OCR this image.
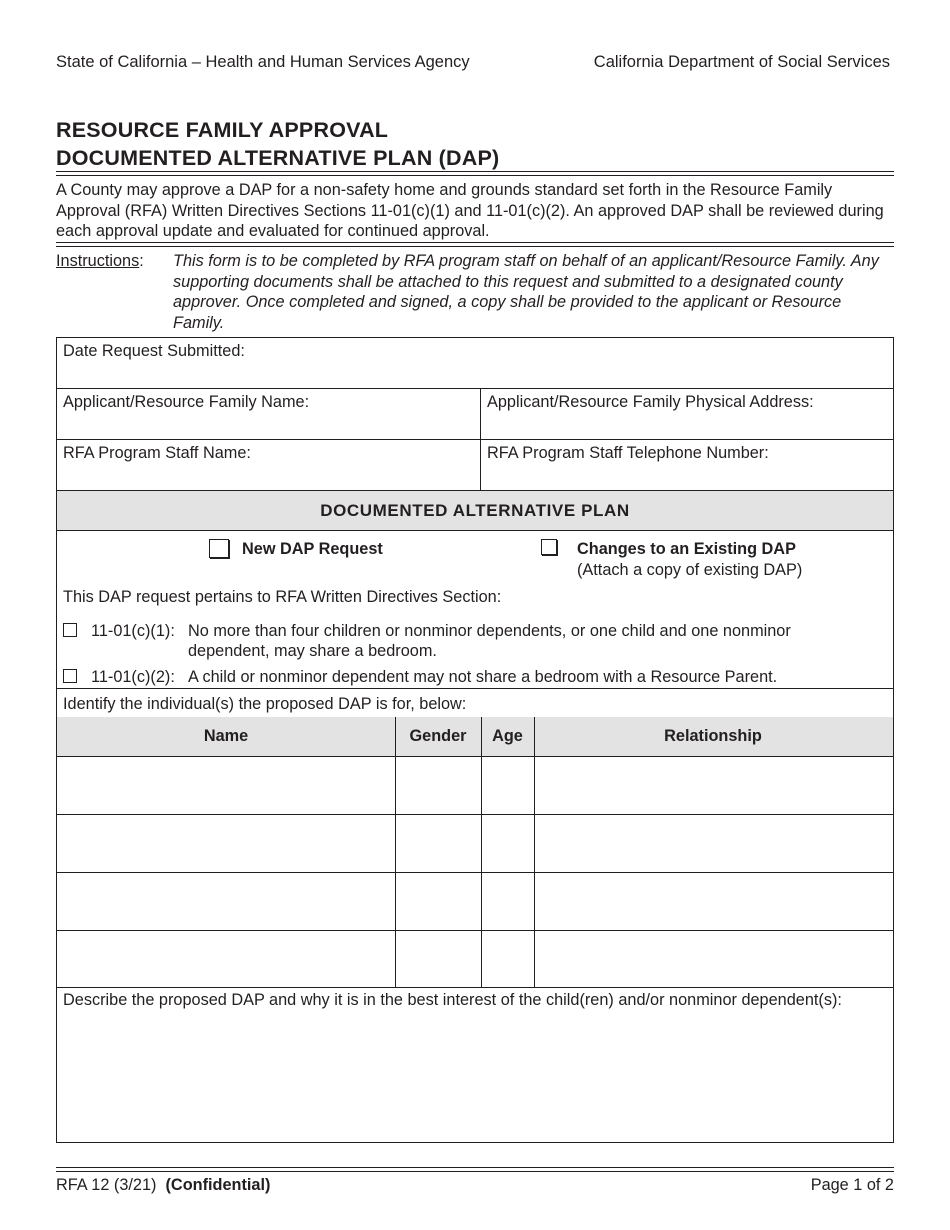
State of California – Health and Human Services Agency	California Department of Social Services
RESOURCE FAMILY APPROVAL
DOCUMENTED ALTERNATIVE PLAN (DAP)
A County may approve a DAP for a non-safety home and grounds standard set forth in the Resource Family Approval (RFA) Written Directives Sections 11-01(c)(1) and 11-01(c)(2). An approved DAP shall be reviewed during each approval update and evaluated for continued approval.
Instructions: This form is to be completed by RFA program staff on behalf of an applicant/Resource Family. Any supporting documents shall be attached to this request and submitted to a designated county approver. Once completed and signed, a copy shall be provided to the applicant or Resource Family.
Date Request Submitted:
Applicant/Resource Family Name:	Applicant/Resource Family Physical Address:
RFA Program Staff Name:	RFA Program Staff Telephone Number:
DOCUMENTED ALTERNATIVE PLAN
New DAP Request	Changes to an Existing DAP
(Attach a copy of existing DAP)
This DAP request pertains to RFA Written Directives Section:
11-01(c)(1): No more than four children or nonminor dependents, or one child and one nonminor
dependent, may share a bedroom.
11-01(c)(2): A child or nonminor dependent may not share a bedroom with a Resource Parent.
Identify the individual(s) the proposed DAP is for, below:
Name	Gender	Age	Relationship
Describe the proposed DAP and why it is in the best interest of the child(ren) and/or nonminor dependent(s):
RFA 12 (3/21) (Confidential)	Page 1 of 2
